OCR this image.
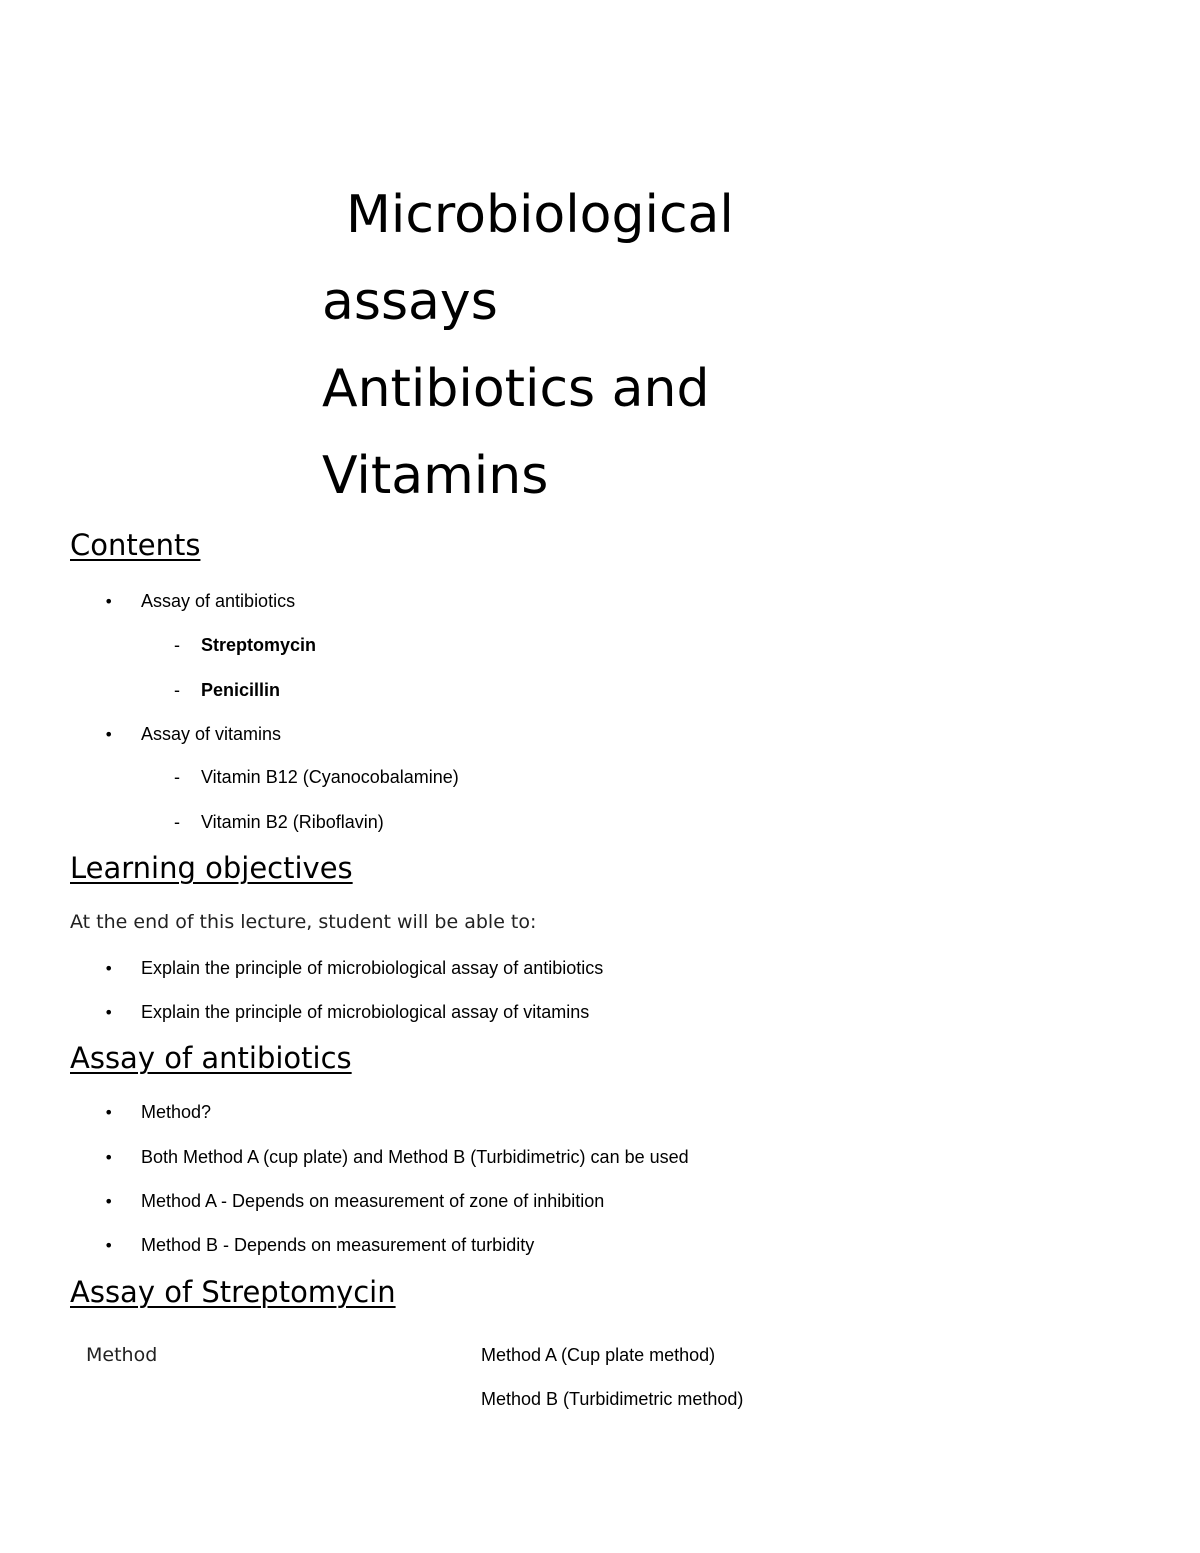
Microbiological
assays
Antibiotics and
Vitamins
Contents
• Assay of antibiotics
- Streptomycin
- Penicillin
• Assay of vitamins
- Vitamin B12 (Cyanocobalamine)
- Vitamin B2 (Riboflavin)
Learning objectives
At the end of this lecture, student will be able to:
• Explain the principle of microbiological assay of antibiotics
• Explain the principle of microbiological assay of vitamins
Assay of antibiotics
• Method?
• Both Method A (cup plate) and Method B (Turbidimetric) can be used
• Method A - Depends on measurement of zone of inhibition
• Method B - Depends on measurement of turbidity
Assay of Streptomycin
Method	Method A (Cup plate method)
Method B (Turbidimetric method)
